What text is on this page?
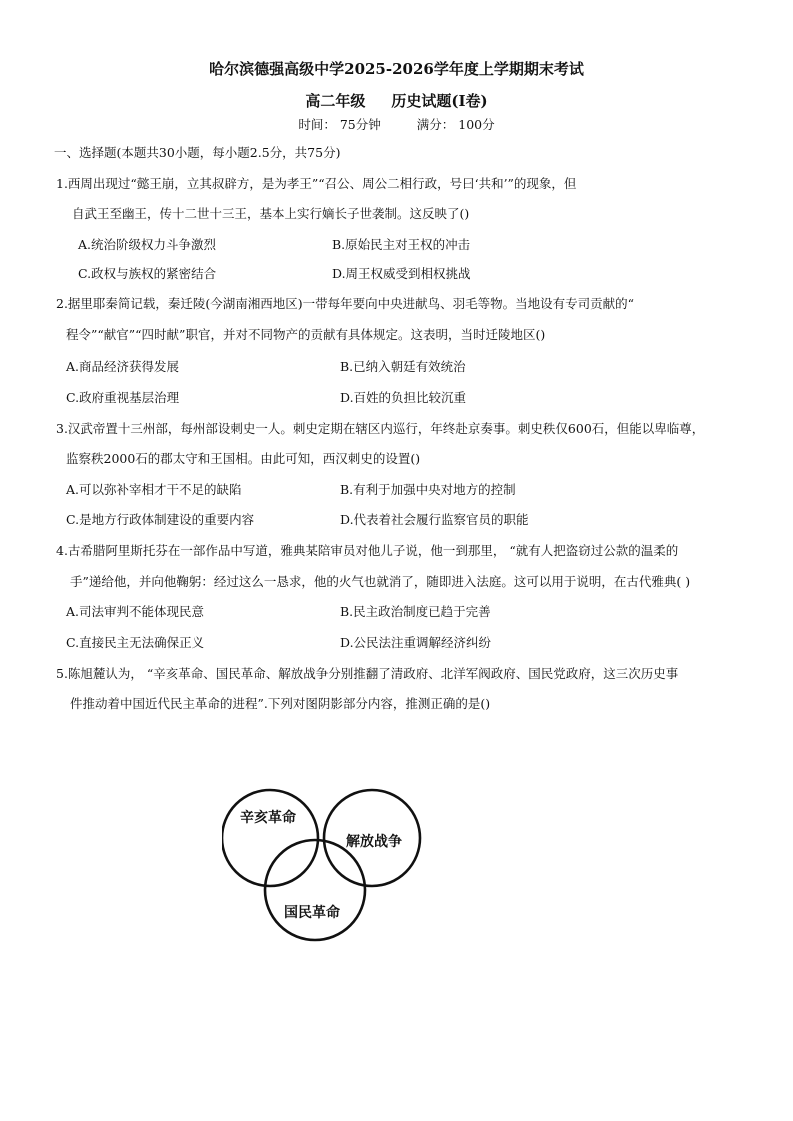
哈尔滨德强高级中学2025-2026学年度上学期期末考试
高二年级 历史试题(Ⅰ卷)
时间： 75分钟	满分： 100分
一、选择题(本题共30小题，每小题2.5分，共75分)
1.西周出现过“懿王崩，立其叔辟方，是为孝王”“召公、周公二相行政，号曰‘共和’”的现象，但
自武王至幽王，传十二世十三王，基本上实行嫡长子世袭制。这反映了()
A.统治阶级权力斗争激烈	B.原始民主对王权的冲击
C.政权与族权的紧密结合	D.周王权威受到相权挑战
2.据里耶秦简记载，秦迁陵(今湖南湘西地区)一带每年要向中央进献鸟、羽毛等物。当地设有专司贡献的“
程令”“献官”“四时献”职官，并对不同物产的贡献有具体规定。这表明，当时迁陵地区()
A.商品经济获得发展	B.已纳入朝廷有效统治
C.政府重视基层治理	D.百姓的负担比较沉重
3.汉武帝置十三州部，每州部设刺史一人。刺史定期在辖区内巡行，年终赴京奏事。刺史秩仅600石，但能以卑临尊，
监察秩2000石的郡太守和王国相。由此可知，西汉刺史的设置()
A.可以弥补宰相才干不足的缺陷	B.有利于加强中央对地方的控制
C.是地方行政体制建设的重要内容	D.代表着社会履行监察官员的职能
4.古希腊阿里斯托芬在一部作品中写道，雅典某陪审员对他儿子说，他一到那里， “就有人把盗窃过公款的温柔的
手”递给他，并向他鞠躬：经过这么一恳求，他的火气也就消了，随即进入法庭。这可以用于说明，在古代雅典( )
A.司法审判不能体现民意	B.民主政治制度已趋于完善
C.直接民主无法确保正义	D.公民法注重调解经济纠纷
5.陈旭麓认为， “辛亥革命、国民革命、解放战争分别推翻了清政府、北洋军阀政府、国民党政府，这三次历史事
件推动着中国近代民主革命的进程”.下列对图阴影部分内容，推测正确的是()
辛亥革命
解放战争
国民革命
